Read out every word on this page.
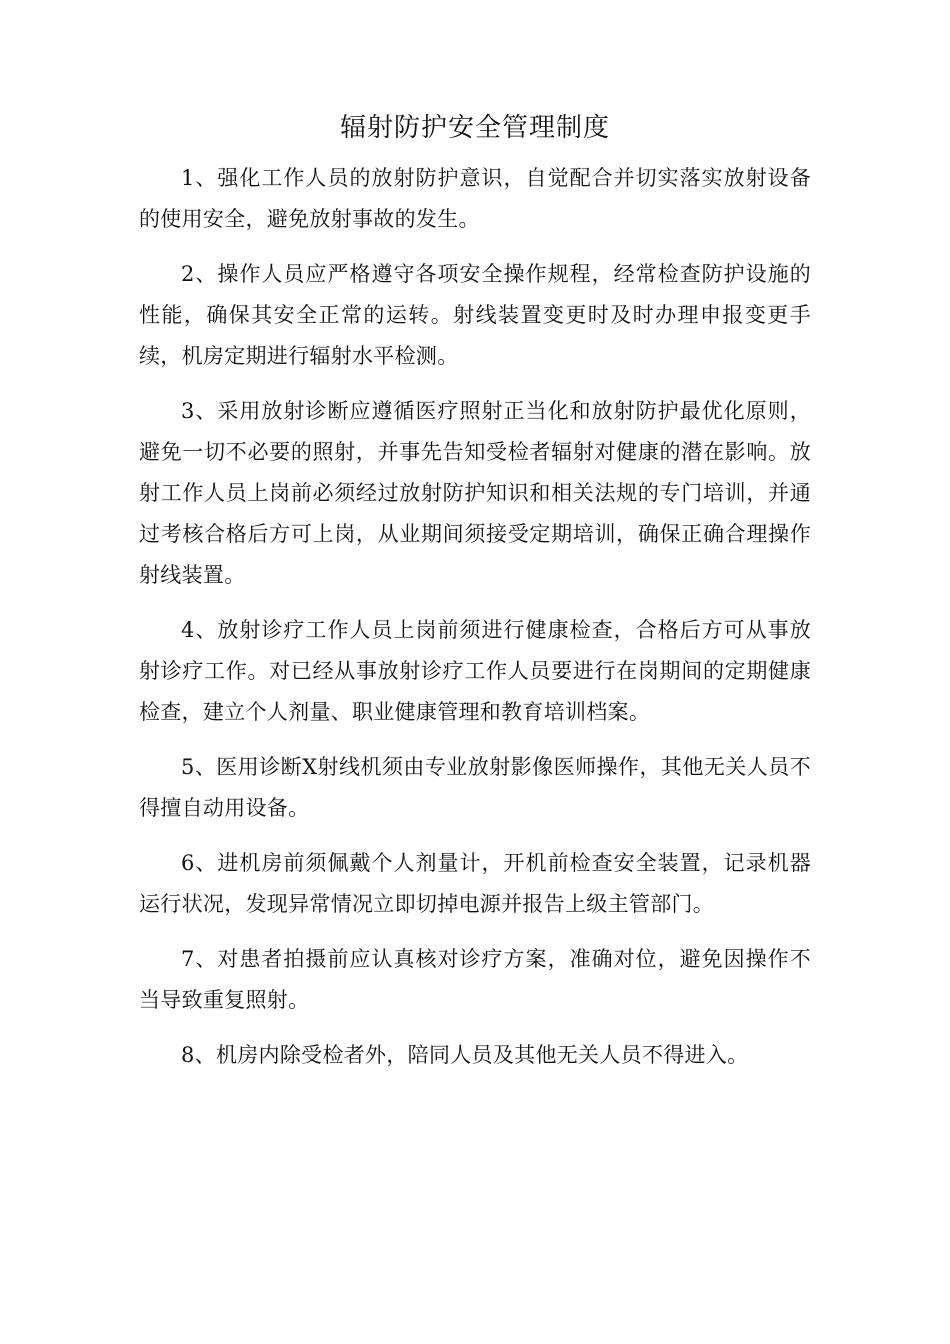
辐射防护安全管理制度

1、强化工作人员的放射防护意识，自觉配合并切实落实放射设备的使用安全，避免放射事故的发生。

2、操作人员应严格遵守各项安全操作规程，经常检查防护设施的性能，确保其安全正常的运转。射线装置变更时及时办理申报变更手续，机房定期进行辐射水平检测。

3、采用放射诊断应遵循医疗照射正当化和放射防护最优化原则，避免一切不必要的照射，并事先告知受检者辐射对健康的潜在影响。放射工作人员上岗前必须经过放射防护知识和相关法规的专门培训，并通过考核合格后方可上岗，从业期间须接受定期培训，确保正确合理操作射线装置。

4、放射诊疗工作人员上岗前须进行健康检查，合格后方可从事放射诊疗工作。对已经从事放射诊疗工作人员要进行在岗期间的定期健康检查，建立个人剂量、职业健康管理和教育培训档案。

5、医用诊断X射线机须由专业放射影像医师操作，其他无关人员不得擅自动用设备。

6、进机房前须佩戴个人剂量计，开机前检查安全装置，记录机器运行状况，发现异常情况立即切掉电源并报告上级主管部门。

7、对患者拍摄前应认真核对诊疗方案，准确对位，避免因操作不当导致重复照射。

8、机房内除受检者外，陪同人员及其他无关人员不得进入。
